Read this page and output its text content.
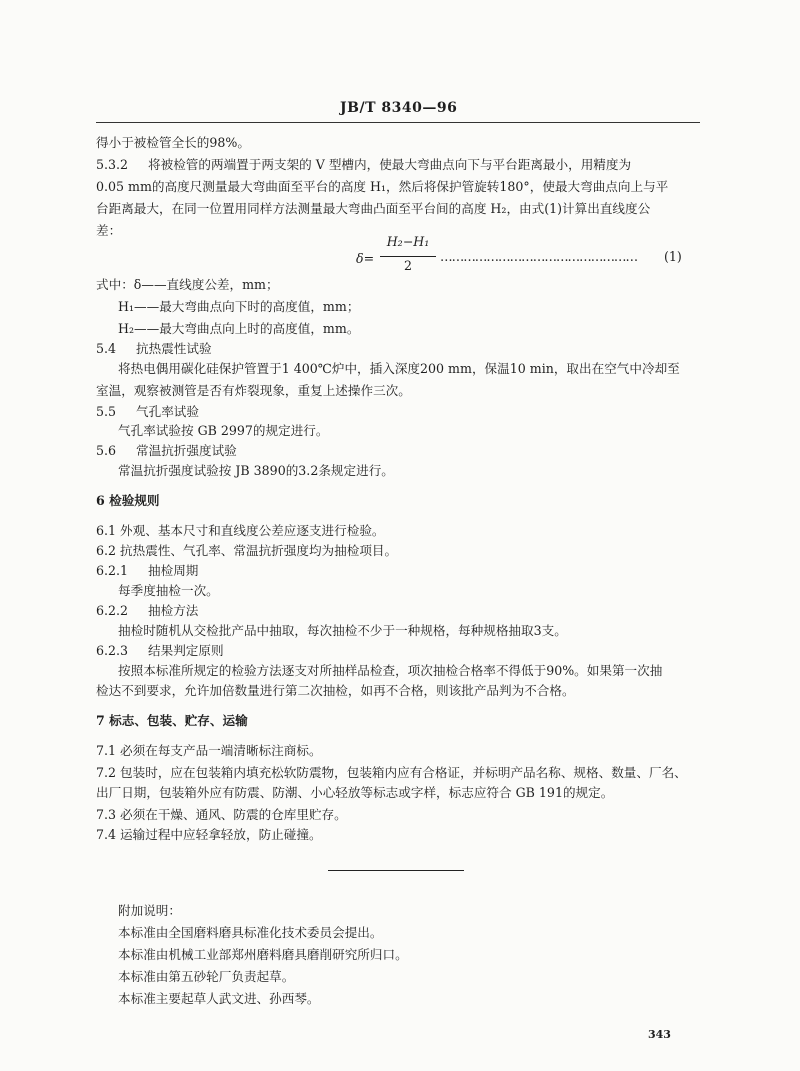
JB/T 8340—96
得小于被检管全长的98%。
5.3.2 将被检管的两端置于两支架的 V 型槽内，使最大弯曲点向下与平台距离最小，用精度为
0.05 mm的高度尺测量最大弯曲面至平台的高度 H₁，然后将保护管旋转180°，使最大弯曲点向上与平
台距离最大，在同一位置用同样方法测量最大弯曲凸面至平台间的高度 H₂，由式(1)计算出直线度公
差：
δ=
H₂−H₁
2
…………………………………………… (1)
式中：δ——直线度公差，mm；
H₁——最大弯曲点向下时的高度值，mm；
H₂——最大弯曲点向上时的高度值，mm。
5.4 抗热震性试验
将热电偶用碳化硅保护管置于1 400℃炉中，插入深度200 mm，保温10 min，取出在空气中冷却至
室温，观察被测管是否有炸裂现象，重复上述操作三次。
5.5 气孔率试验
气孔率试验按 GB 2997的规定进行。
5.6 常温抗折强度试验
常温抗折强度试验按 JB 3890的3.2条规定进行。
6 检验规则
6.1 外观、基本尺寸和直线度公差应逐支进行检验。
6.2 抗热震性、气孔率、常温抗折强度均为抽检项目。
6.2.1 抽检周期
每季度抽检一次。
6.2.2 抽检方法
抽检时随机从交检批产品中抽取，每次抽检不少于一种规格，每种规格抽取3支。
6.2.3 结果判定原则
按照本标准所规定的检验方法逐支对所抽样品检查，项次抽检合格率不得低于90%。如果第一次抽
检达不到要求，允许加倍数量进行第二次抽检，如再不合格，则该批产品判为不合格。
7 标志、包装、贮存、运输
7.1 必须在每支产品一端清晰标注商标。
7.2 包装时，应在包装箱内填充松软防震物，包装箱内应有合格证，并标明产品名称、规格、数量、厂名、
出厂日期，包装箱外应有防震、防潮、小心轻放等标志或字样，标志应符合 GB 191的规定。
7.3 必须在干燥、通风、防震的仓库里贮存。
7.4 运输过程中应轻拿轻放，防止碰撞。
附加说明：
本标准由全国磨料磨具标准化技术委员会提出。
本标准由机械工业部郑州磨料磨具磨削研究所归口。
本标准由第五砂轮厂负责起草。
本标准主要起草人武文进、孙西琴。
343
